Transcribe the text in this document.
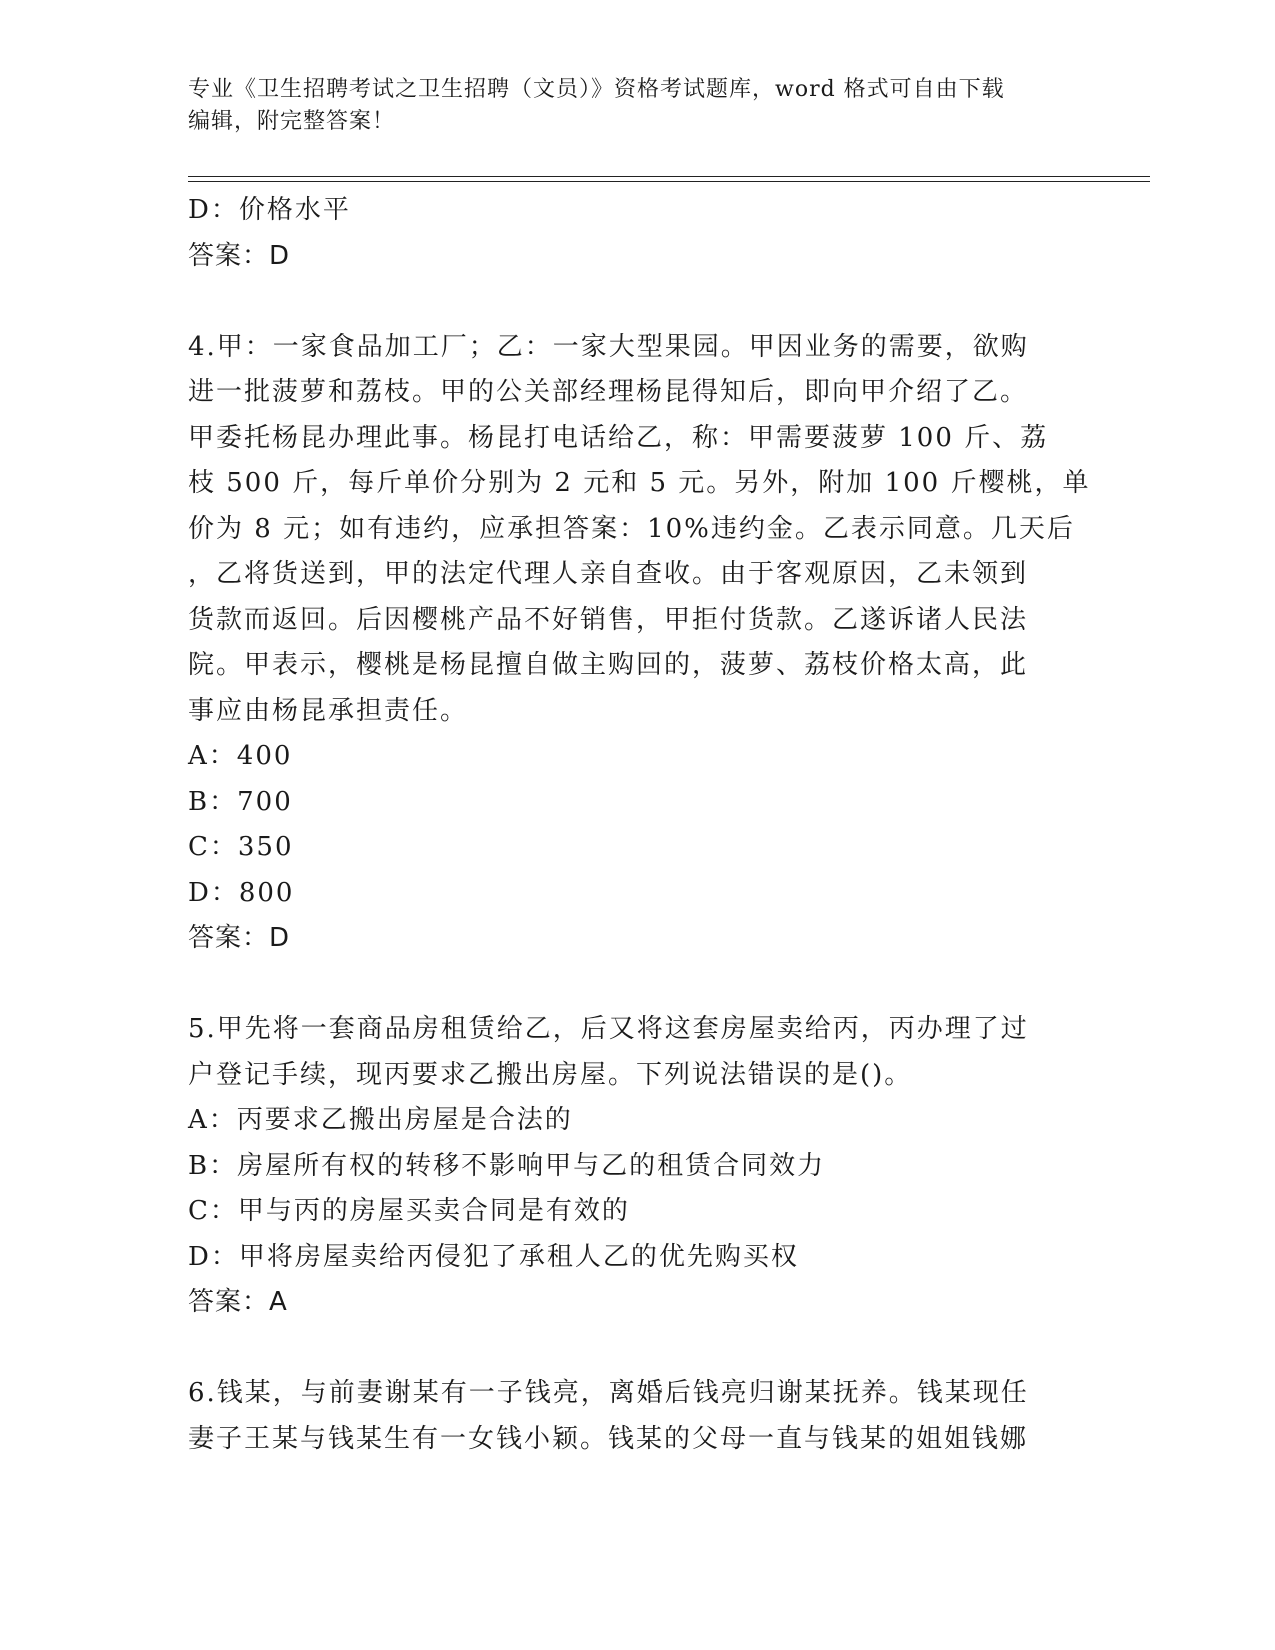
专业《卫生招聘考试之卫生招聘（文员）》资格考试题库，word 格式可自由下载
编辑，附完整答案！
D：价格水平
答案：D
4.甲：一家食品加工厂；乙：一家大型果园。甲因业务的需要，欲购
进一批菠萝和荔枝。甲的公关部经理杨昆得知后，即向甲介绍了乙。
甲委托杨昆办理此事。杨昆打电话给乙，称：甲需要菠萝 100 斤、荔
枝 500 斤，每斤单价分别为 2 元和 5 元。另外，附加 100 斤樱桃，单
价为 8 元；如有违约，应承担答案：10%违约金。乙表示同意。几天后
，乙将货送到，甲的法定代理人亲自查收。由于客观原因，乙未领到
货款而返回。后因樱桃产品不好销售，甲拒付货款。乙遂诉诸人民法
院。甲表示，樱桃是杨昆擅自做主购回的，菠萝、荔枝价格太高，此
事应由杨昆承担责任。
A：400
B：700
C：350
D：800
答案：D
5.甲先将一套商品房租赁给乙，后又将这套房屋卖给丙，丙办理了过
户登记手续，现丙要求乙搬出房屋。下列说法错误的是()。
A：丙要求乙搬出房屋是合法的
B：房屋所有权的转移不影响甲与乙的租赁合同效力
C：甲与丙的房屋买卖合同是有效的
D：甲将房屋卖给丙侵犯了承租人乙的优先购买权
答案：A
6.钱某，与前妻谢某有一子钱亮，离婚后钱亮归谢某抚养。钱某现任
妻子王某与钱某生有一女钱小颖。钱某的父母一直与钱某的姐姐钱娜
